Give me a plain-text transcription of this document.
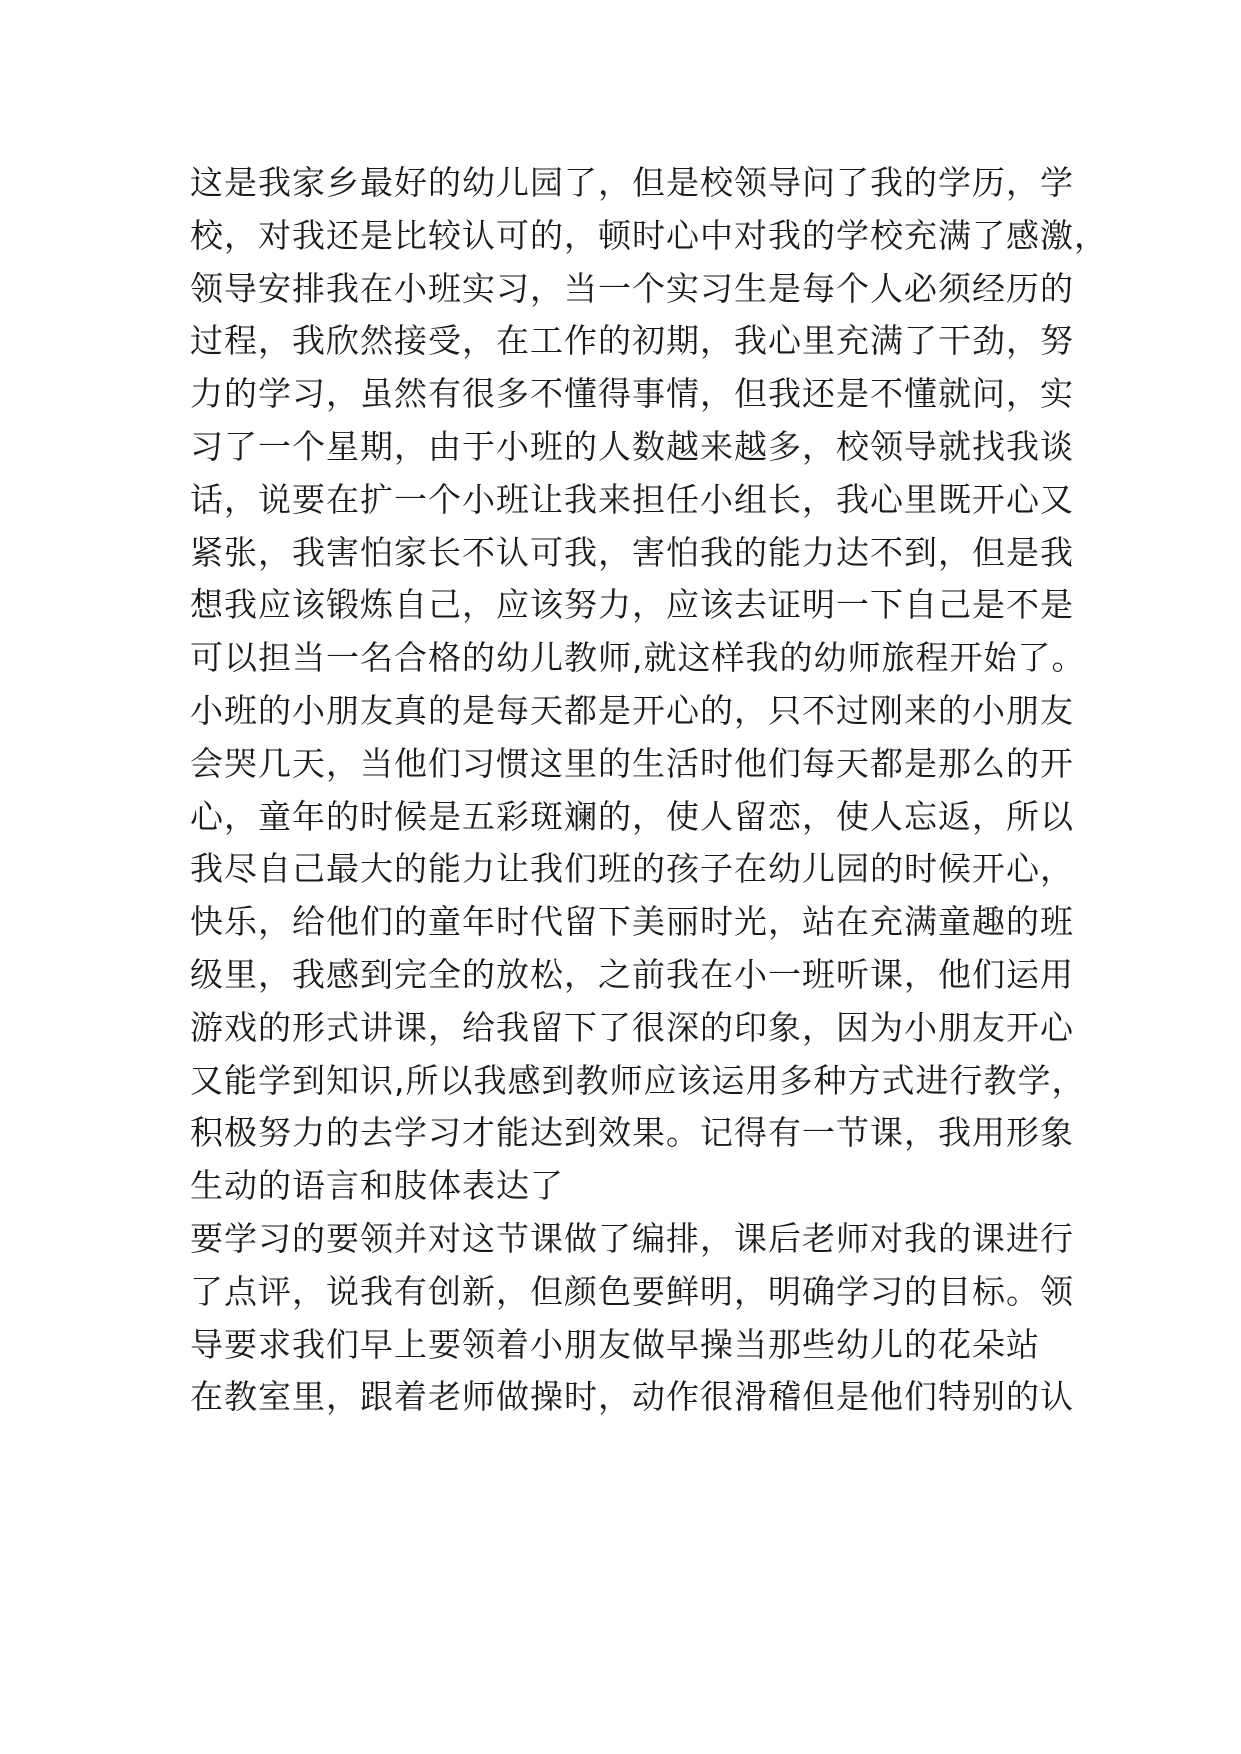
这是我家乡最好的幼儿园了，但是校领导问了我的学历，学
校，对我还是比较认可的，顿时心中对我的学校充满了感激，
领导安排我在小班实习，当一个实习生是每个人必须经历的
过程，我欣然接受，在工作的初期，我心里充满了干劲，努
力的学习，虽然有很多不懂得事情，但我还是不懂就问，实
习了一个星期，由于小班的人数越来越多，校领导就找我谈
话，说要在扩一个小班让我来担任小组长，我心里既开心又
紧张，我害怕家长不认可我，害怕我的能力达不到，但是我
想我应该锻炼自己，应该努力，应该去证明一下自己是不是
可以担当一名合格的幼儿教师,就这样我的幼师旅程开始了。
小班的小朋友真的是每天都是开心的，只不过刚来的小朋友
会哭几天，当他们习惯这里的生活时他们每天都是那么的开
心，童年的时候是五彩斑斓的，使人留恋，使人忘返，所以
我尽自己最大的能力让我们班的孩子在幼儿园的时候开心，
快乐，给他们的童年时代留下美丽时光，站在充满童趣的班
级里，我感到完全的放松，之前我在小一班听课，他们运用
游戏的形式讲课，给我留下了很深的印象，因为小朋友开心
又能学到知识,所以我感到教师应该运用多种方式进行教学，
积极努力的去学习才能达到效果。记得有一节课，我用形象
生动的语言和肢体表达了
要学习的要领并对这节课做了编排，课后老师对我的课进行
了点评，说我有创新，但颜色要鲜明，明确学习的目标。领
导要求我们早上要领着小朋友做早操当那些幼儿的花朵站
在教室里，跟着老师做操时，动作很滑稽但是他们特别的认
